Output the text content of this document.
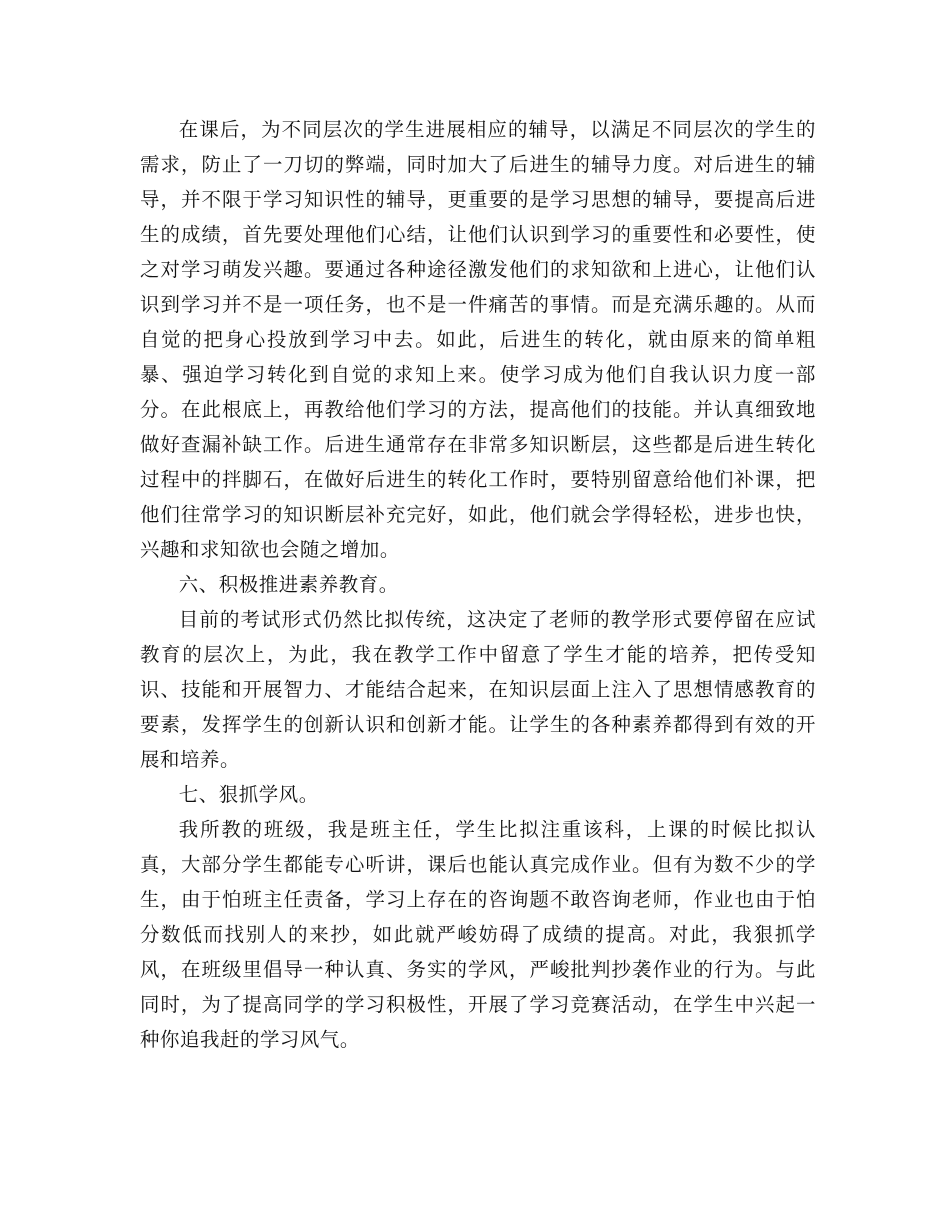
在课后，为不同层次的学生进展相应的辅导，以满足不同层次的学生的需求，防止了一刀切的弊端，同时加大了后进生的辅导力度。对后进生的辅导，并不限于学习知识性的辅导，更重要的是学习思想的辅导，要提高后进生的成绩，首先要处理他们心结，让他们认识到学习的重要性和必要性，使之对学习萌发兴趣。要通过各种途径激发他们的求知欲和上进心，让他们认识到学习并不是一项任务，也不是一件痛苦的事情。而是充满乐趣的。从而自觉的把身心投放到学习中去。如此，后进生的转化，就由原来的简单粗暴、强迫学习转化到自觉的求知上来。使学习成为他们自我认识力度一部分。在此根底上，再教给他们学习的方法，提高他们的技能。并认真细致地做好查漏补缺工作。后进生通常存在非常多知识断层，这些都是后进生转化过程中的拌脚石，在做好后进生的转化工作时，要特别留意给他们补课，把他们往常学习的知识断层补充完好，如此，他们就会学得轻松，进步也快，兴趣和求知欲也会随之增加。

六、积极推进素养教育。

目前的考试形式仍然比拟传统，这决定了老师的教学形式要停留在应试教育的层次上，为此，我在教学工作中留意了学生才能的培养，把传受知识、技能和开展智力、才能结合起来，在知识层面上注入了思想情感教育的要素，发挥学生的创新认识和创新才能。让学生的各种素养都得到有效的开展和培养。

七、狠抓学风。

我所教的班级，我是班主任，学生比拟注重该科，上课的时候比拟认真，大部分学生都能专心听讲，课后也能认真完成作业。但有为数不少的学生，由于怕班主任责备，学习上存在的咨询题不敢咨询老师，作业也由于怕分数低而找别人的来抄，如此就严峻妨碍了成绩的提高。对此，我狠抓学风，在班级里倡导一种认真、务实的学风，严峻批判抄袭作业的行为。与此同时，为了提高同学的学习积极性，开展了学习竞赛活动，在学生中兴起一种你追我赶的学习风气。
